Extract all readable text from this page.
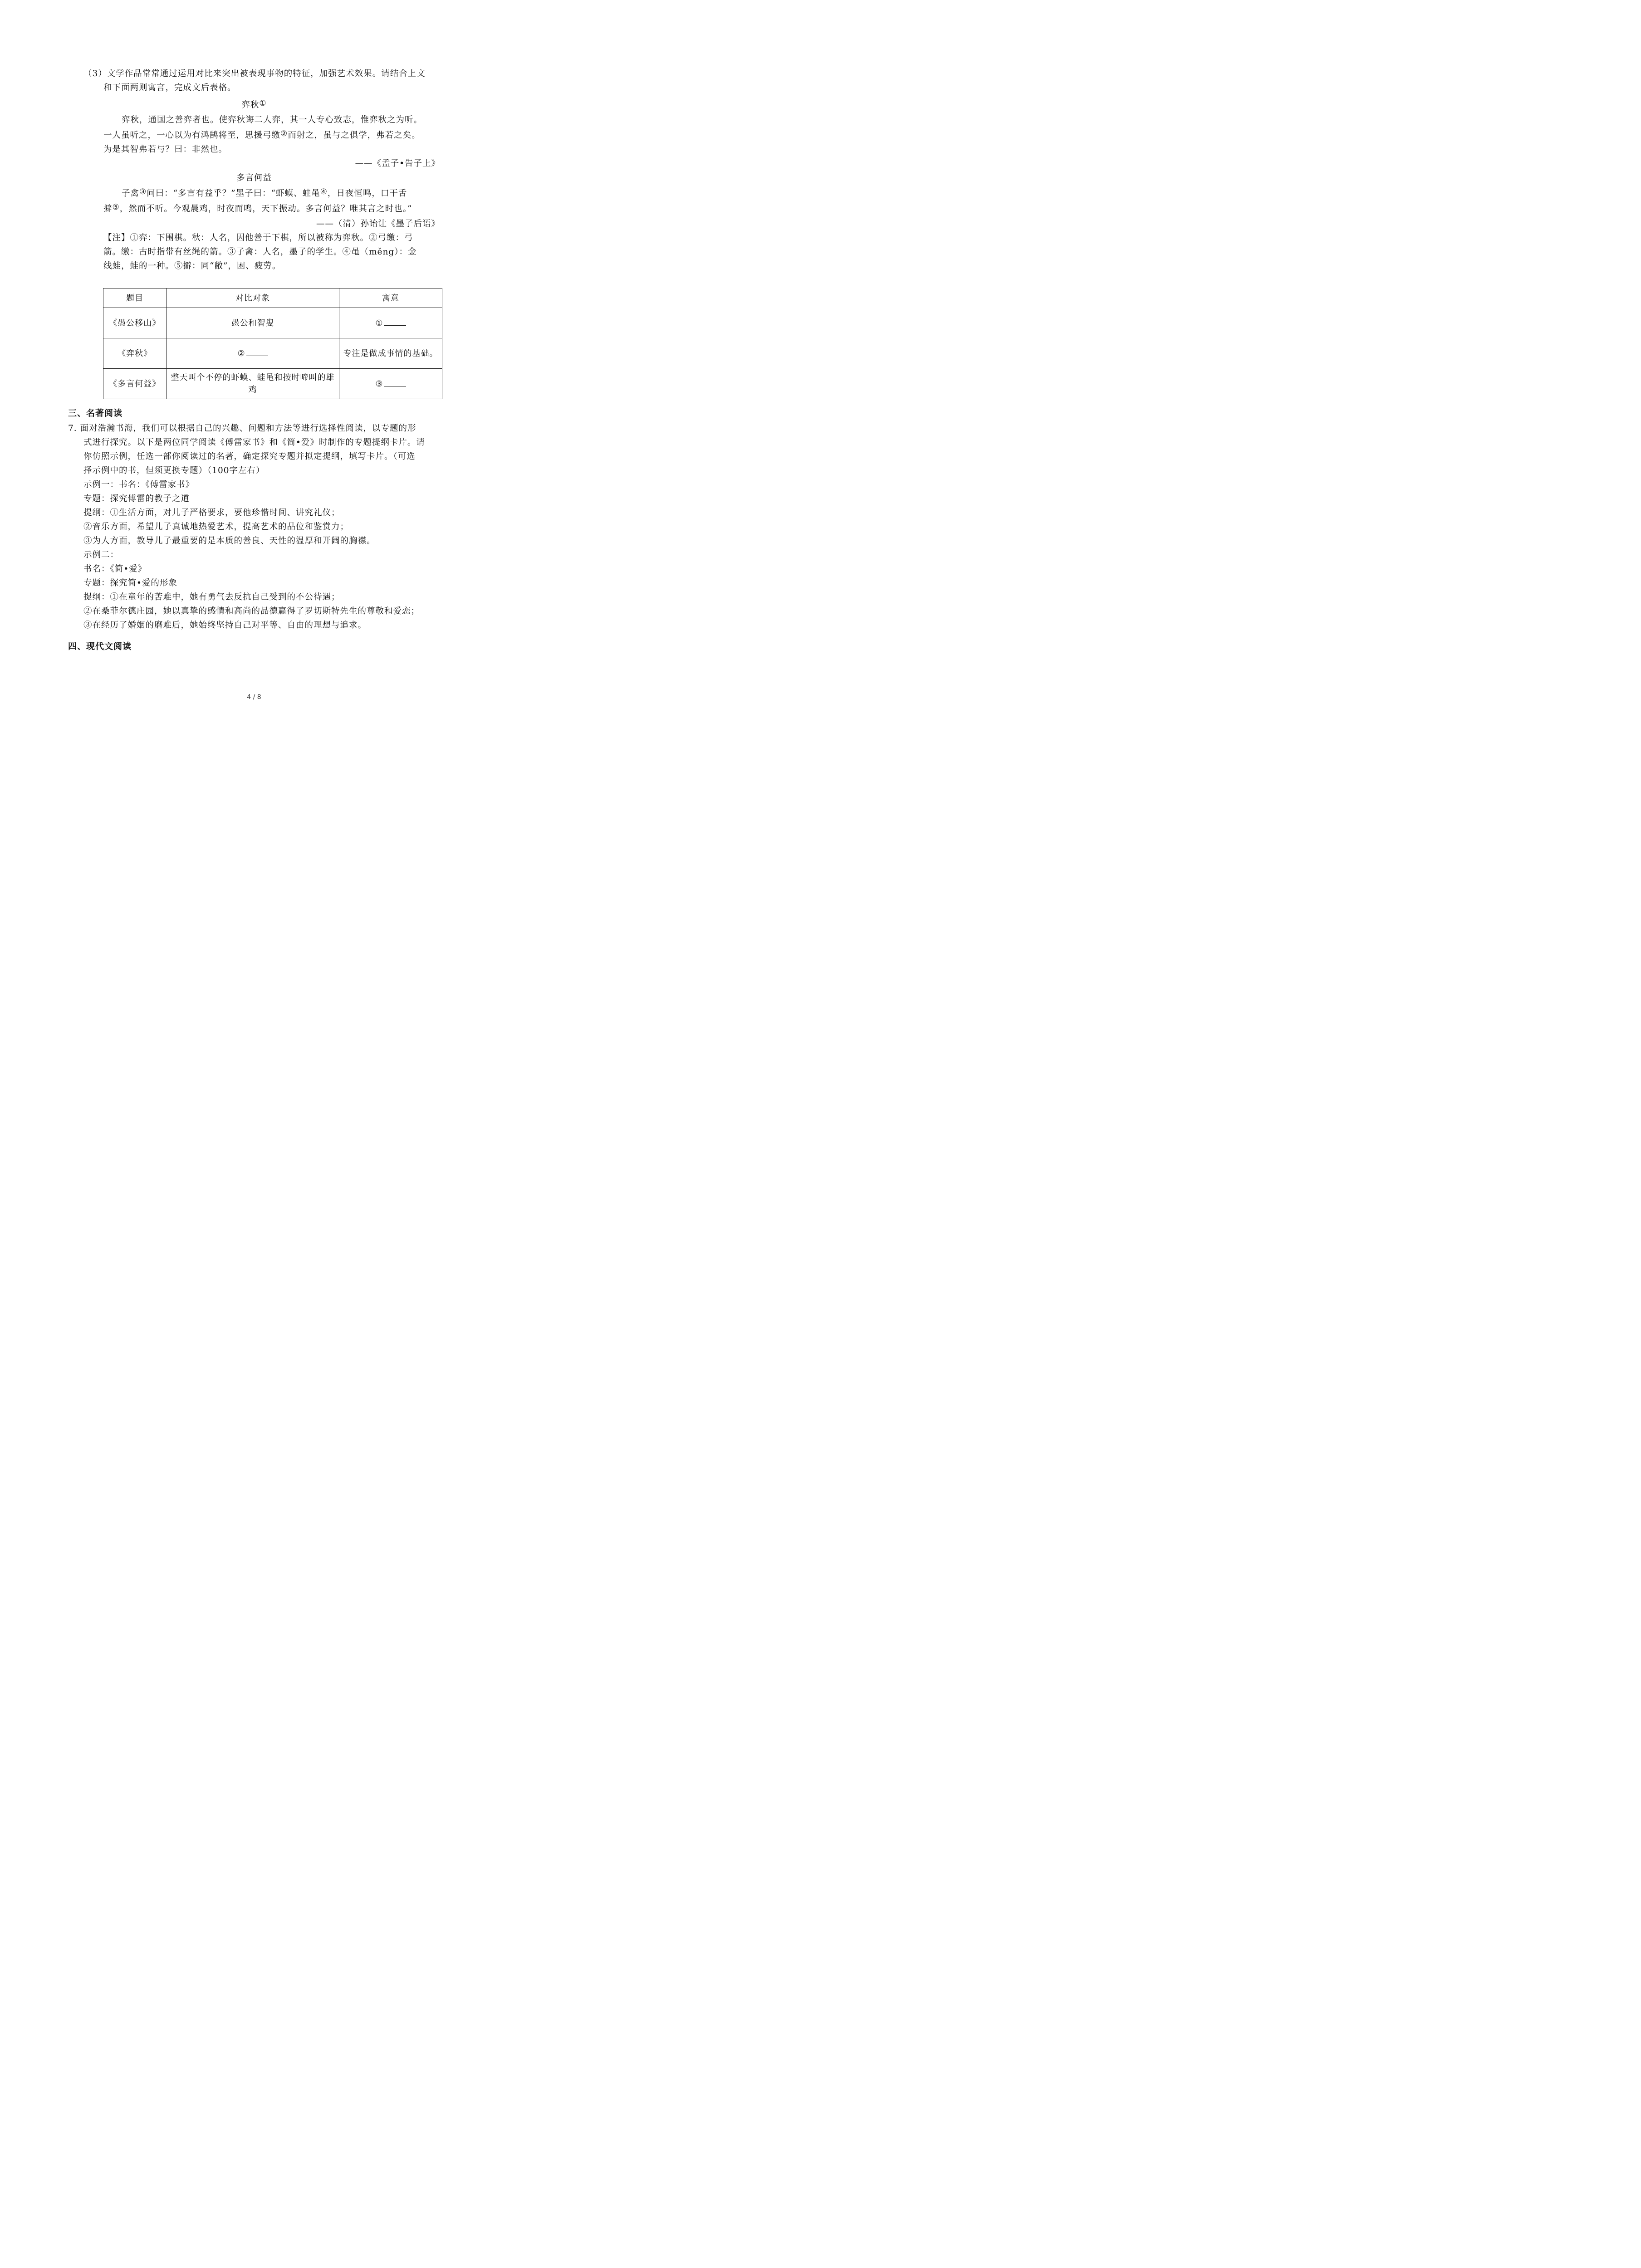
（3）文学作品常常通过运用对比来突出被表现事物的特征，加强艺术效果。请结合上文
和下面两则寓言，完成文后表格。
弈秋①
弈秋，通国之善弈者也。使弈秋诲二人弈，其一人专心致志，惟弈秋之为听。
一人虽听之，一心以为有鸿鹄将至，思援弓缴②而射之，虽与之俱学，弗若之矣。
为是其智弗若与？曰：非然也。
——《孟子•告子上》
多言何益
子禽③问曰：“多言有益乎？”墨子曰：“虾蟆、蛙黾④，日夜恒鸣，口干舌
擗⑤，然而不听。今观晨鸡，时夜而鸣，天下振动。多言何益？唯其言之时也。”
——（清）孙诒让《墨子后语》
【注】①弈：下围棋。秋：人名，因他善于下棋，所以被称为弈秋。②弓缴：弓
箭。缴：古时指带有丝绳的箭。③子禽：人名，墨子的学生。④黾（měng）：金
线蛙，蛙的一种。⑤擗：同“敝”，困、疲劳。
题目	对比对象	寓意
《愚公移山》	愚公和智叟	①
《弈秋》	②	专注是做成事情的基础。
《多言何益》	整天叫个不停的虾蟆、蛙黾和按时啼叫的雄鸡	③
三、名著阅读
7. 面对浩瀚书海，我们可以根据自己的兴趣、问题和方法等进行选择性阅读，以专题的形
式进行探究。以下是两位同学阅读《傅雷家书》和《简•爱》时制作的专题提纲卡片。请
你仿照示例，任选一部你阅读过的名著，确定探究专题并拟定提纲，填写卡片。（可选
择示例中的书，但须更换专题）（100字左右）
示例一：书名：《傅雷家书》
专题：探究傅雷的教子之道
提纲：①生活方面，对儿子严格要求，要他珍惜时间、讲究礼仪；
②音乐方面，希望儿子真诚地热爱艺术，提高艺术的品位和鉴赏力；
③为人方面，教导儿子最重要的是本质的善良、天性的温厚和开阔的胸襟。
示例二：
书名：《简•爱》
专题：探究简•爱的形象
提纲：①在童年的苦难中，她有勇气去反抗自己受到的不公待遇；
②在桑菲尔德庄园，她以真挚的感情和高尚的品德赢得了罗切斯特先生的尊敬和爱恋；
③在经历了婚姻的磨难后，她始终坚持自己对平等、自由的理想与追求。
四、现代文阅读
4 / 8
